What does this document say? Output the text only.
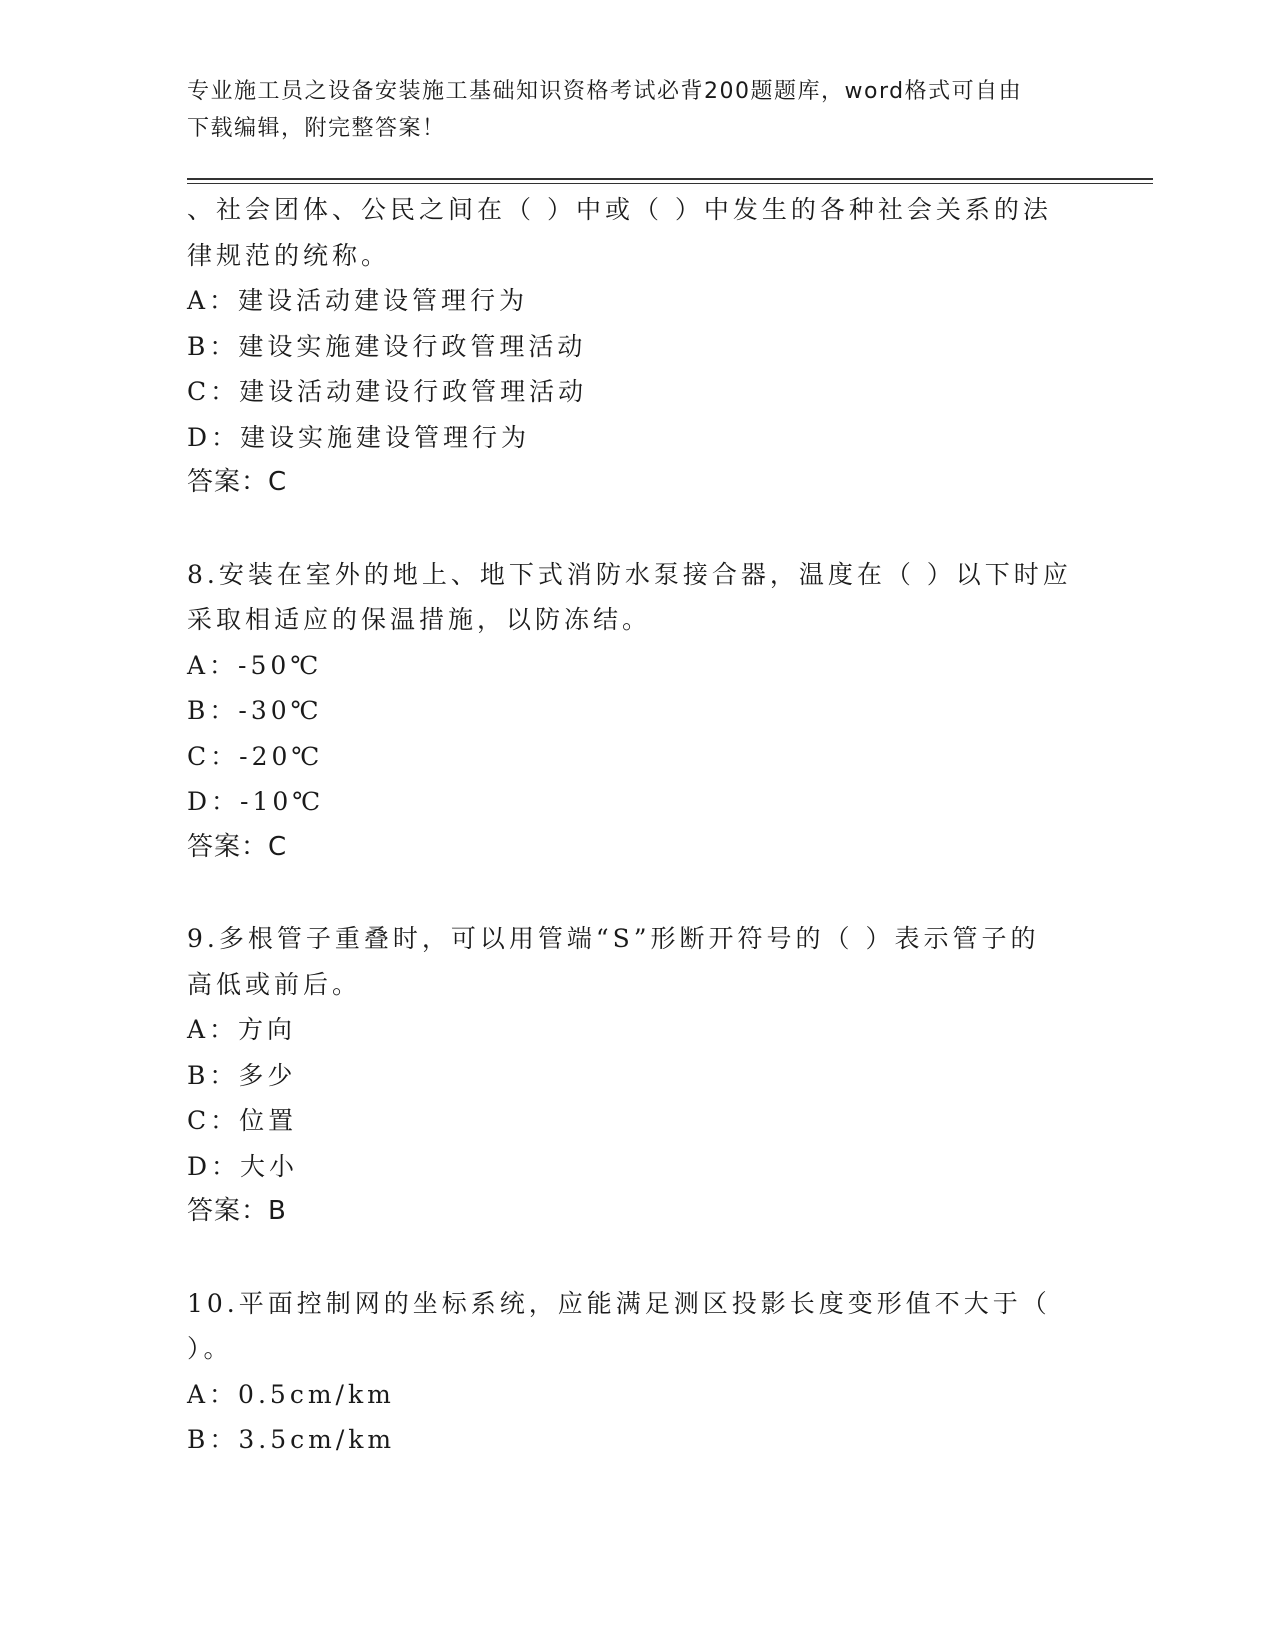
专业施工员之设备安装施工基础知识资格考试必背200题题库，word格式可自由
下载编辑，附完整答案！
、社会团体、公民之间在（ ）中或（ ）中发生的各种社会关系的法
律规范的统称。
A：建设活动建设管理行为
B：建设实施建设行政管理活动
C：建设活动建设行政管理活动
D：建设实施建设管理行为
答案：C
8.安装在室外的地上、地下式消防水泵接合器，温度在（ ）以下时应
采取相适应的保温措施，以防冻结。
A：-50℃
B：-30℃
C：-20℃
D：-10℃
答案：C
9.多根管子重叠时，可以用管端“S”形断开符号的（ ）表示管子的
高低或前后。
A：方向
B：多少
C：位置
D：大小
答案：B
10.平面控制网的坐标系统，应能满足测区投影长度变形值不大于（
）。
A：0.5cm/km
B：3.5cm/km
